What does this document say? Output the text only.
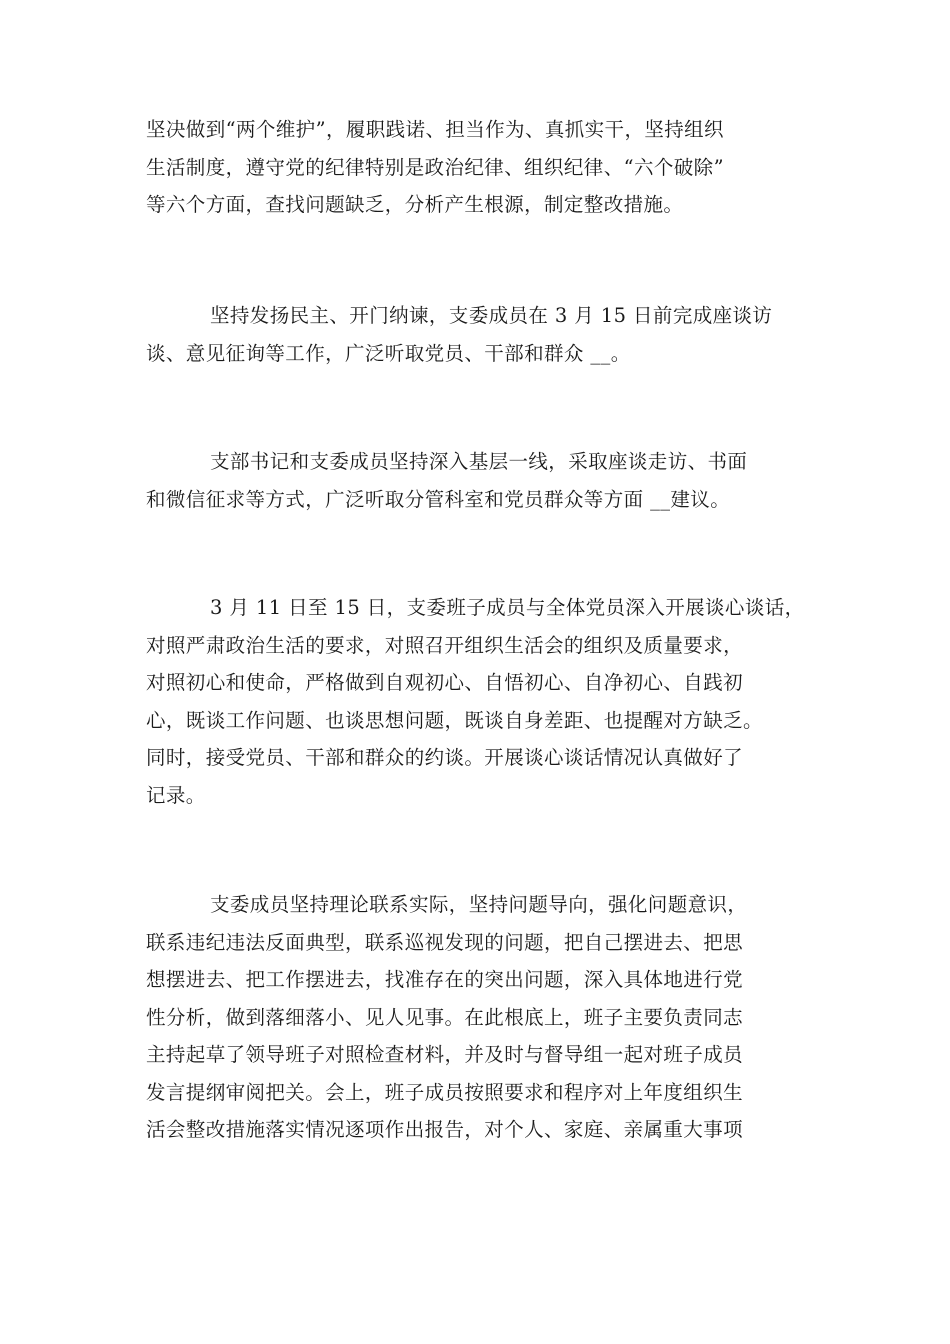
坚决做到“两个维护”，履职践诺、担当作为、真抓实干，坚持组织
生活制度，遵守党的纪律特别是政治纪律、组织纪律、“六个破除”
等六个方面，查找问题缺乏，分析产生根源，制定整改措施。
坚持发扬民主、开门纳谏，支委成员在 3 月 15 日前完成座谈访
谈、意见征询等工作，广泛听取党员、干部和群众 __。
支部书记和支委成员坚持深入基层一线，采取座谈走访、书面
和微信征求等方式，广泛听取分管科室和党员群众等方面 __建议。
3 月 11 日至 15 日，支委班子成员与全体党员深入开展谈心谈话，
对照严肃政治生活的要求，对照召开组织生活会的组织及质量要求，
对照初心和使命，严格做到自观初心、自悟初心、自净初心、自践初
心，既谈工作问题、也谈思想问题，既谈自身差距、也提醒对方缺乏。
同时，接受党员、干部和群众的约谈。开展谈心谈话情况认真做好了
记录。
支委成员坚持理论联系实际，坚持问题导向，强化问题意识，
联系违纪违法反面典型，联系巡视发现的问题，把自己摆进去、把思
想摆进去、把工作摆进去，找准存在的突出问题，深入具体地进行党
性分析，做到落细落小、见人见事。在此根底上，班子主要负责同志
主持起草了领导班子对照检查材料，并及时与督导组一起对班子成员
发言提纲审阅把关。会上，班子成员按照要求和程序对上年度组织生
活会整改措施落实情况逐项作出报告，对个人、家庭、亲属重大事项
